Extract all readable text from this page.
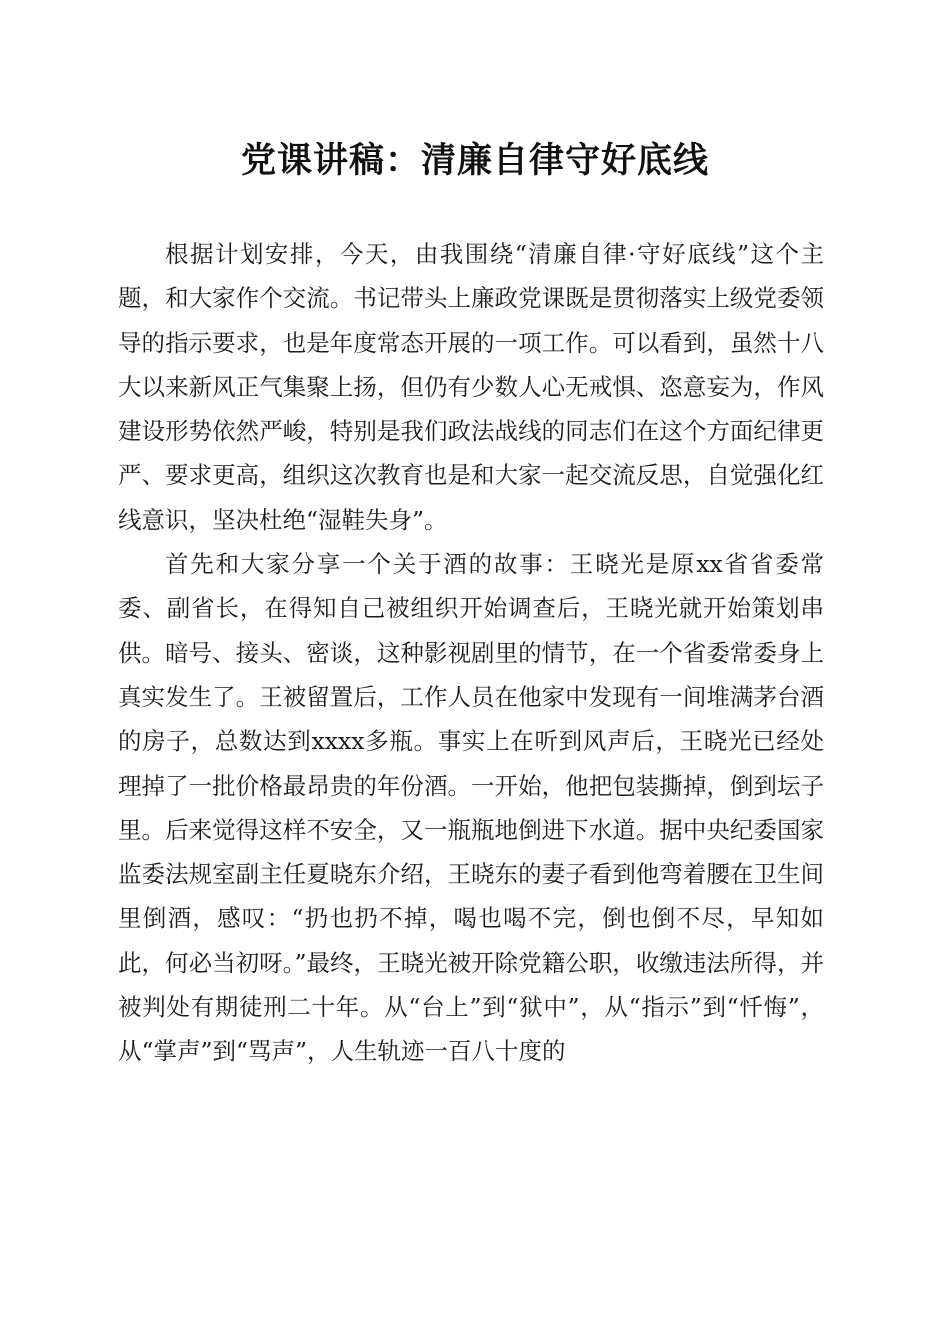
党课讲稿：清廉自律守好底线

根据计划安排，今天，由我围绕“清廉自律·守好底线”这个主题，和大家作个交流。书记带头上廉政党课既是贯彻落实上级党委领导的指示要求，也是年度常态开展的一项工作。可以看到，虽然十八大以来新风正气集聚上扬，但仍有少数人心无戒惧、恣意妄为，作风建设形势依然严峻，特别是我们政法战线的同志们在这个方面纪律更严、要求更高，组织这次教育也是和大家一起交流反思，自觉强化红线意识，坚决杜绝“湿鞋失身”。

首先和大家分享一个关于酒的故事：王晓光是原xx省省委常委、副省长，在得知自己被组织开始调查后，王晓光就开始策划串供。暗号、接头、密谈，这种影视剧里的情节，在一个省委常委身上真实发生了。王被留置后，工作人员在他家中发现有一间堆满茅台酒的房子，总数达到xxxx多瓶。事实上在听到风声后，王晓光已经处理掉了一批价格最昂贵的年份酒。一开始，他把包装撕掉，倒到坛子里。后来觉得这样不安全，又一瓶瓶地倒进下水道。据中央纪委国家监委法规室副主任夏晓东介绍，王晓东的妻子看到他弯着腰在卫生间里倒酒，感叹：“扔也扔不掉，喝也喝不完，倒也倒不尽，早知如此，何必当初呀。”最终，王晓光被开除党籍公职，收缴违法所得，并被判处有期徒刑二十年。从“台上”到“狱中”，从“指示”到“忏悔”，从“掌声”到“骂声”，人生轨迹一百八十度的
